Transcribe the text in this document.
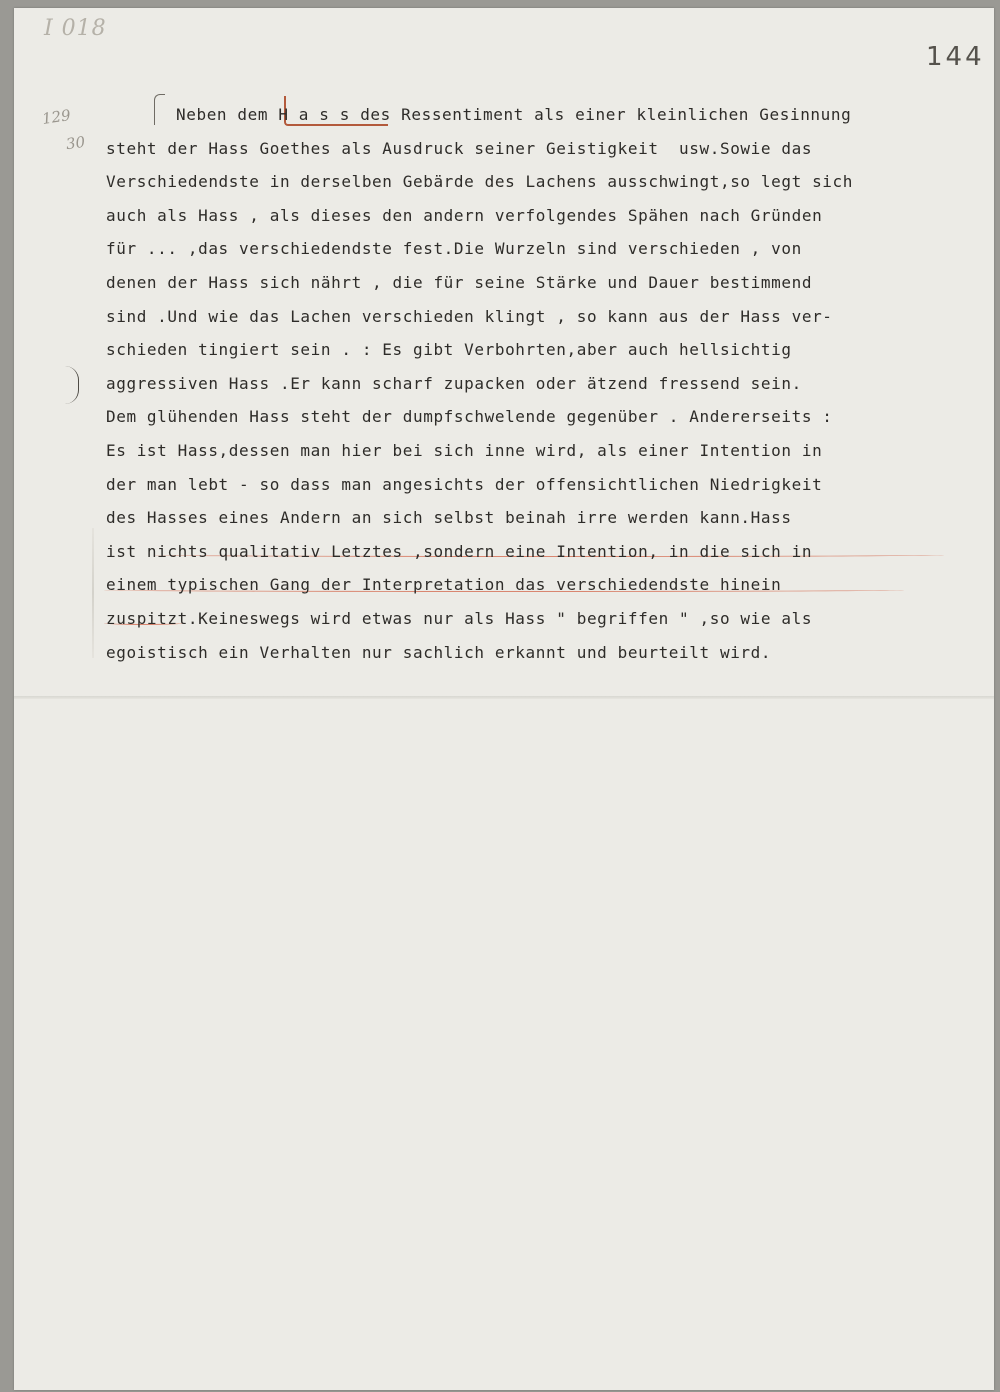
I 018
144
129
30
Neben dem H a s s des Ressentiment als einer kleinlichen Gesinnung
steht der Hass Goethes als Ausdruck seiner Geistigkeit  usw.Sowie das
Verschiedendste in derselben Gebärde des Lachens ausschwingt,so legt sich
auch als Hass , als dieses den andern verfolgendes Spähen nach Gründen
für ... ,das verschiedendste fest.Die Wurzeln sind verschieden , von
denen der Hass sich nährt , die für seine Stärke und Dauer bestimmend
sind .Und wie das Lachen verschieden klingt , so kann aus der Hass ver-
schieden tingiert sein . : Es gibt Verbohrten,aber auch hellsichtig
aggressiven Hass .Er kann scharf zupacken oder ätzend fressend sein.
Dem glühenden Hass steht der dumpfschwelende gegenüber . Andererseits :
Es ist Hass,dessen man hier bei sich inne wird, als einer Intention in
der man lebt - so dass man angesichts der offensichtlichen Niedrigkeit
des Hasses eines Andern an sich selbst beinah irre werden kann.Hass
ist nichts qualitativ Letztes ,sondern eine Intention, in die sich in
einem typischen Gang der Interpretation das verschiedendste hinein
zuspitzt.Keineswegs wird etwas nur als Hass " begriffen " ,so wie als
egoistisch ein Verhalten nur sachlich erkannt und beurteilt wird.
